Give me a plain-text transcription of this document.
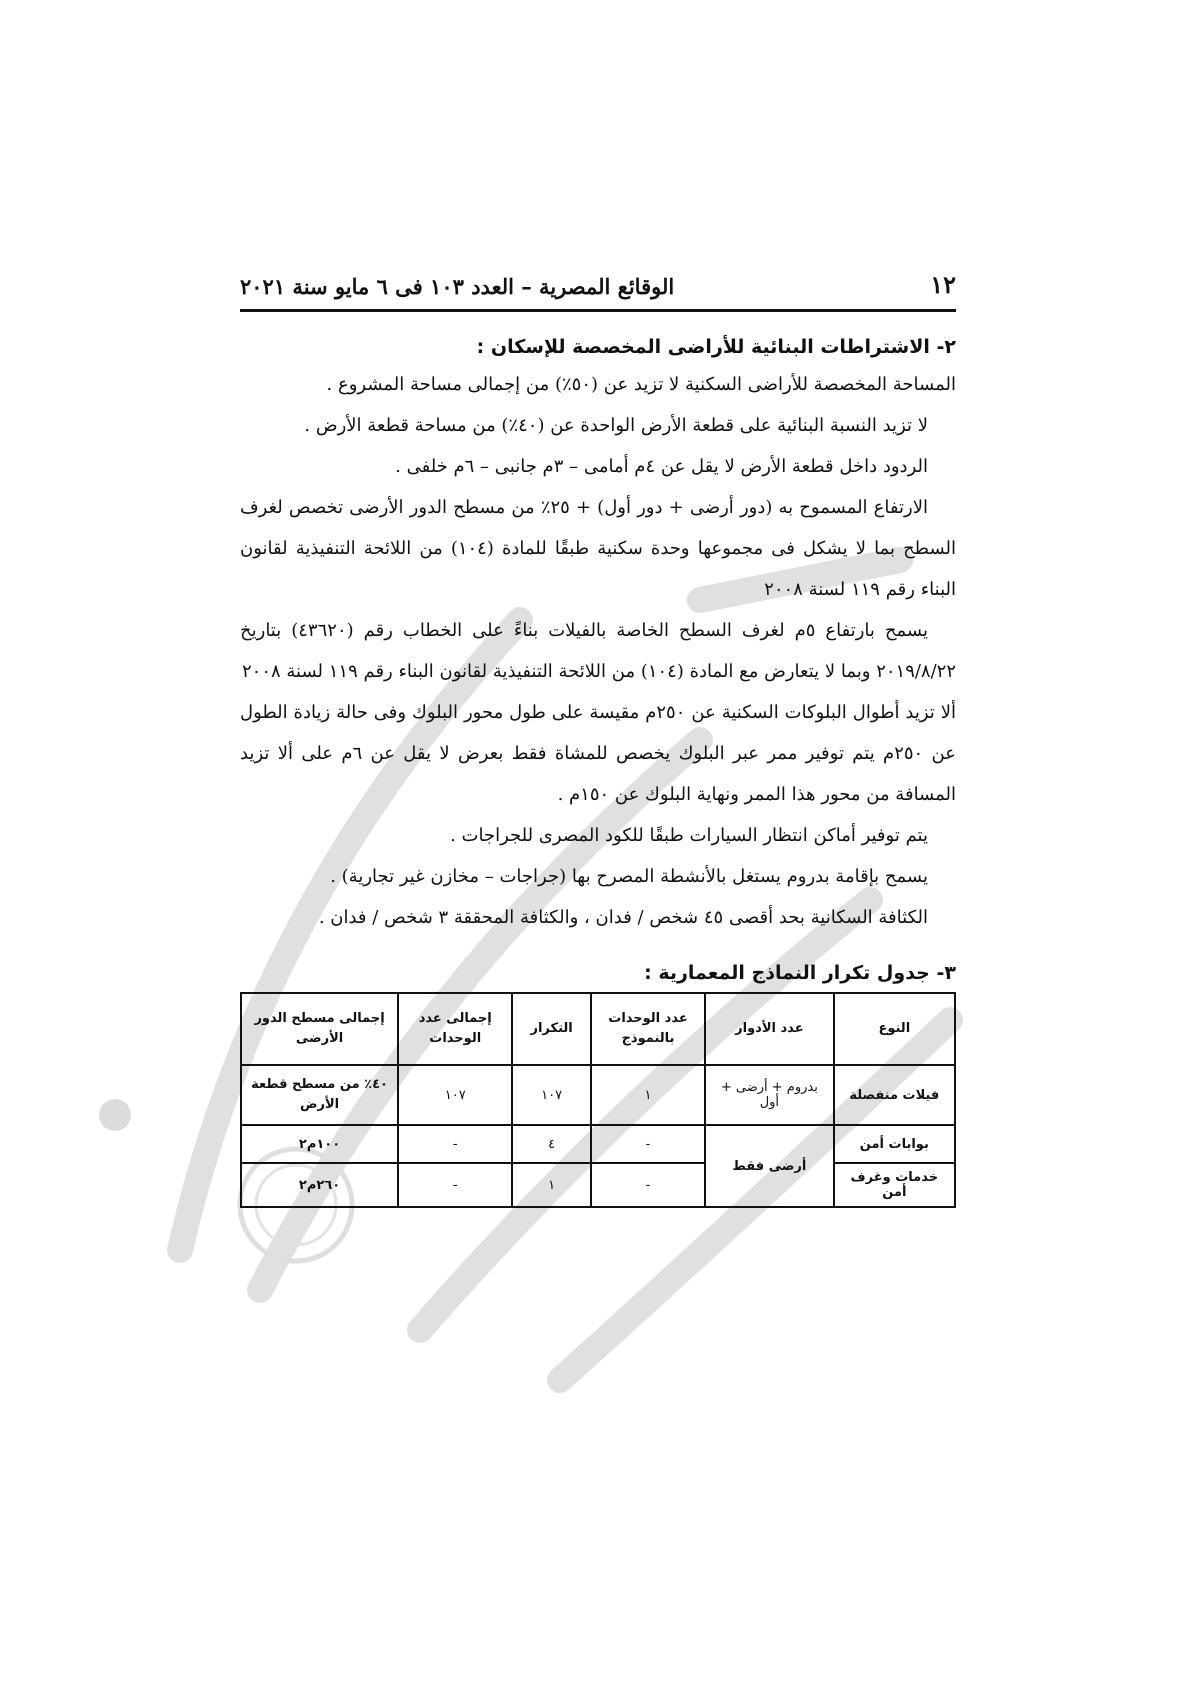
١٢
الوقائع المصرية – العدد ١٠٣ فى ٦ مايو سنة ٢٠٢١
٢- الاشتراطات البنائية للأراضى المخصصة للإسكان :

المساحة المخصصة للأراضى السكنية لا تزيد عن (٥٠٪) من إجمالى مساحة المشروع .

لا تزيد النسبة البنائية على قطعة الأرض الواحدة عن (٤٠٪) من مساحة قطعة الأرض .

الردود داخل قطعة الأرض لا يقل عن ٤م أمامى – ٣م جانبى – ٦م خلفى .

الارتفاع المسموح به (دور أرضى + دور أول) + ٢٥٪ من مسطح الدور الأرضى تخصص لغرف السطح بما لا يشكل فى مجموعها وحدة سكنية طبقًا للمادة (١٠٤) من اللائحة التنفيذية لقانون البناء رقم ١١٩ لسنة ٢٠٠٨

يسمح بارتفاع ٥م لغرف السطح الخاصة بالفيلات بناءً على الخطاب رقم (٤٣٦٢٠) بتاريخ ٢٠١٩/٨/٢٢ وبما لا يتعارض مع المادة (١٠٤) من اللائحة التنفيذية لقانون البناء رقم ١١٩ لسنة ٢٠٠٨

ألا تزيد أطوال البلوكات السكنية عن ٢٥٠م مقيسة على طول محور البلوك وفى حالة زيادة الطول عن ٢٥٠م يتم توفير ممر عبر البلوك يخصص للمشاة فقط بعرض لا يقل عن ٦م على ألا تزيد المسافة من محور هذا الممر ونهاية البلوك عن ١٥٠م .

يتم توفير أماكن انتظار السيارات طبقًا للكود المصرى للجراجات .

يسمح بإقامة بدروم يستغل بالأنشطة المصرح بها (جراجات – مخازن غير تجارية) .

الكثافة السكانية بحد أقصى ٤٥ شخص / فدان ، والكثافة المحققة ٣ شخص / فدان .

٣- جدول تكرار النماذج المعمارية :
النوع	عدد الأدوار	عدد الوحدات بالنموذج	التكرار	إجمالى عدد الوحدات	إجمالى مسطح الدور الأرضى
فيلات منفصلة	بدروم + أرضى + أول	١	١٠٧	١٠٧	٤٠٪ من مسطح قطعة الأرض
بوابات أمن	أرضى فقط	-	٤	-	١٠٠م٢
خدمات وغرف أمن		-	١	-	٢٦٠م٢
